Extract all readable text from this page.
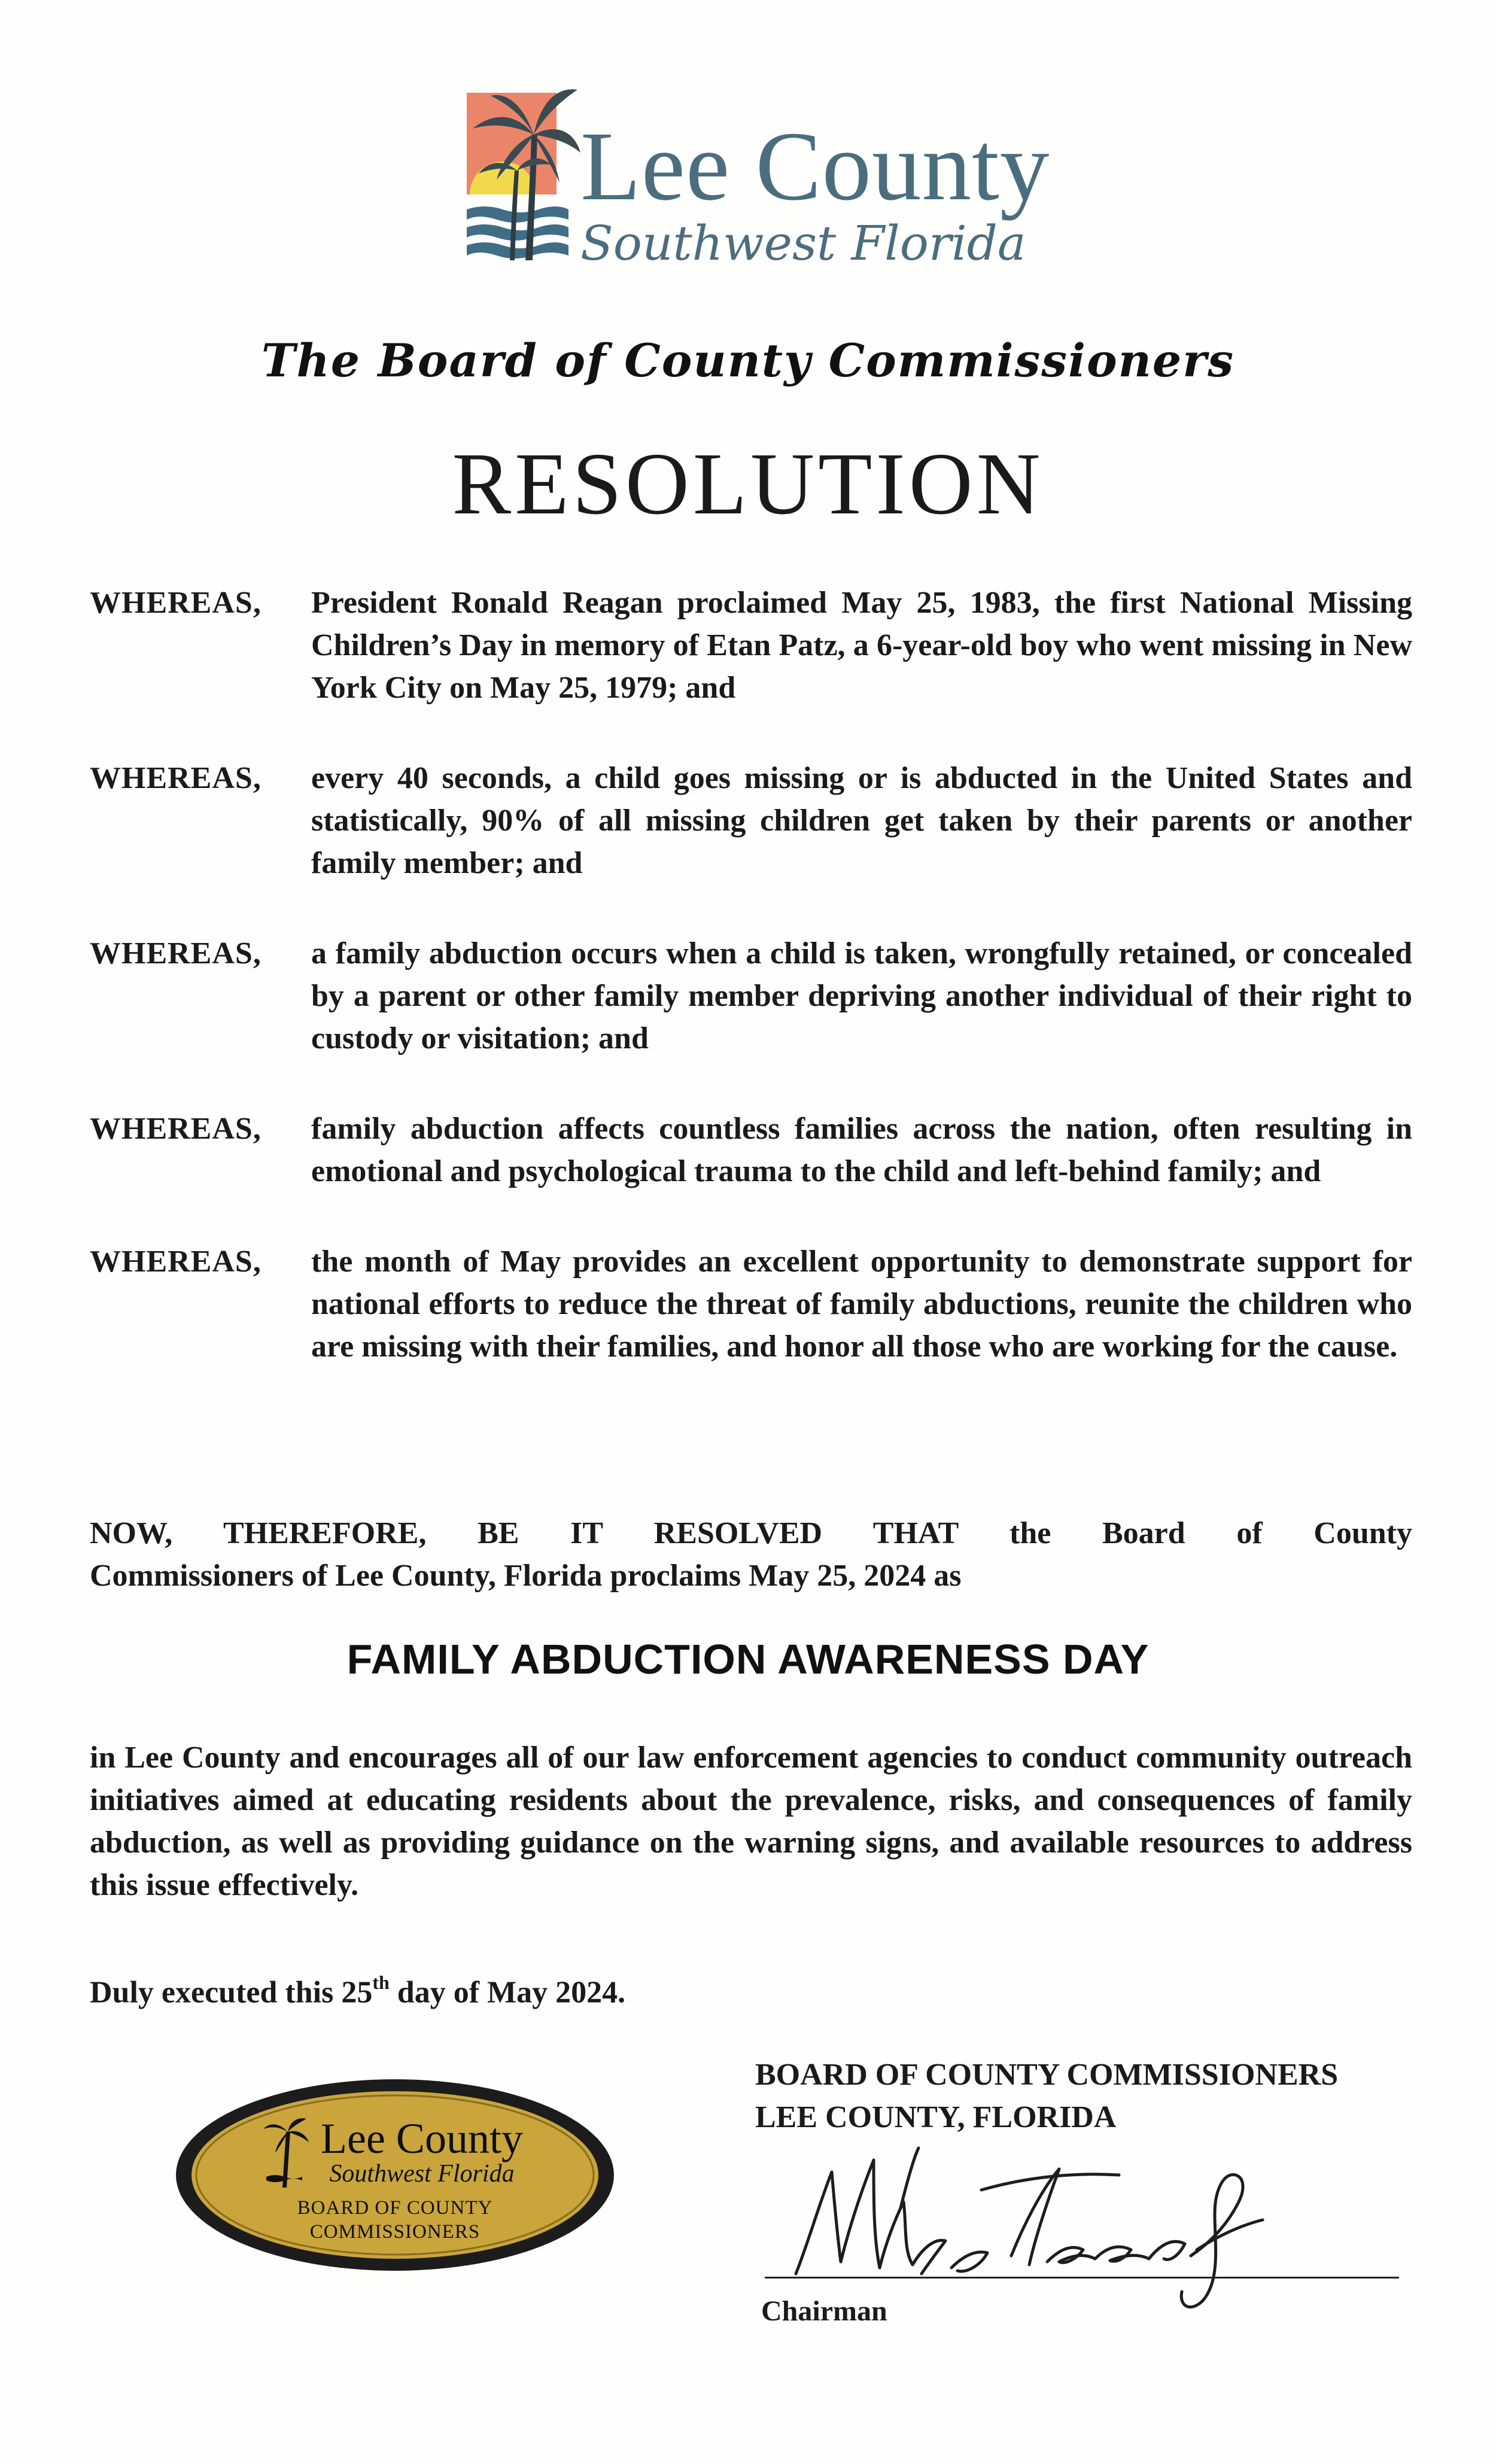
Lee County
Southwest Florida
The Board of County Commissioners
RESOLUTION
WHEREAS,	President Ronald Reagan proclaimed May 25, 1983, the first National Missing Children’s Day in memory of Etan Patz, a 6-year-old boy who went missing in New York City on May 25, 1979; and
WHEREAS,	every 40 seconds, a child goes missing or is abducted in the United States and statistically, 90% of all missing children get taken by their parents or another family member; and
WHEREAS,	a family abduction occurs when a child is taken, wrongfully retained, or concealed by a parent or other family member depriving another individual of their right to custody or visitation; and
WHEREAS,	family abduction affects countless families across the nation, often resulting in emotional and psychological trauma to the child and left-behind family; and
WHEREAS,	the month of May provides an excellent opportunity to demonstrate support for national efforts to reduce the threat of family abductions, reunite the children who are missing with their families, and honor all those who are working for the cause.
NOW, THEREFORE, BE IT RESOLVED THAT the Board of County
Commissioners of Lee County, Florida proclaims May 25, 2024 as
FAMILY ABDUCTION AWARENESS DAY
in Lee County and encourages all of our law enforcement agencies to conduct community outreach initiatives aimed at educating residents about the prevalence, risks, and consequences of family abduction, as well as providing guidance on the warning signs, and available resources to address this issue effectively.
Duly executed this 25th day of May 2024.
Lee County
Southwest Florida
BOARD OF COUNTY
COMMISSIONERS
BOARD OF COUNTY COMMISSIONERS
LEE COUNTY, FLORIDA
Chairman
